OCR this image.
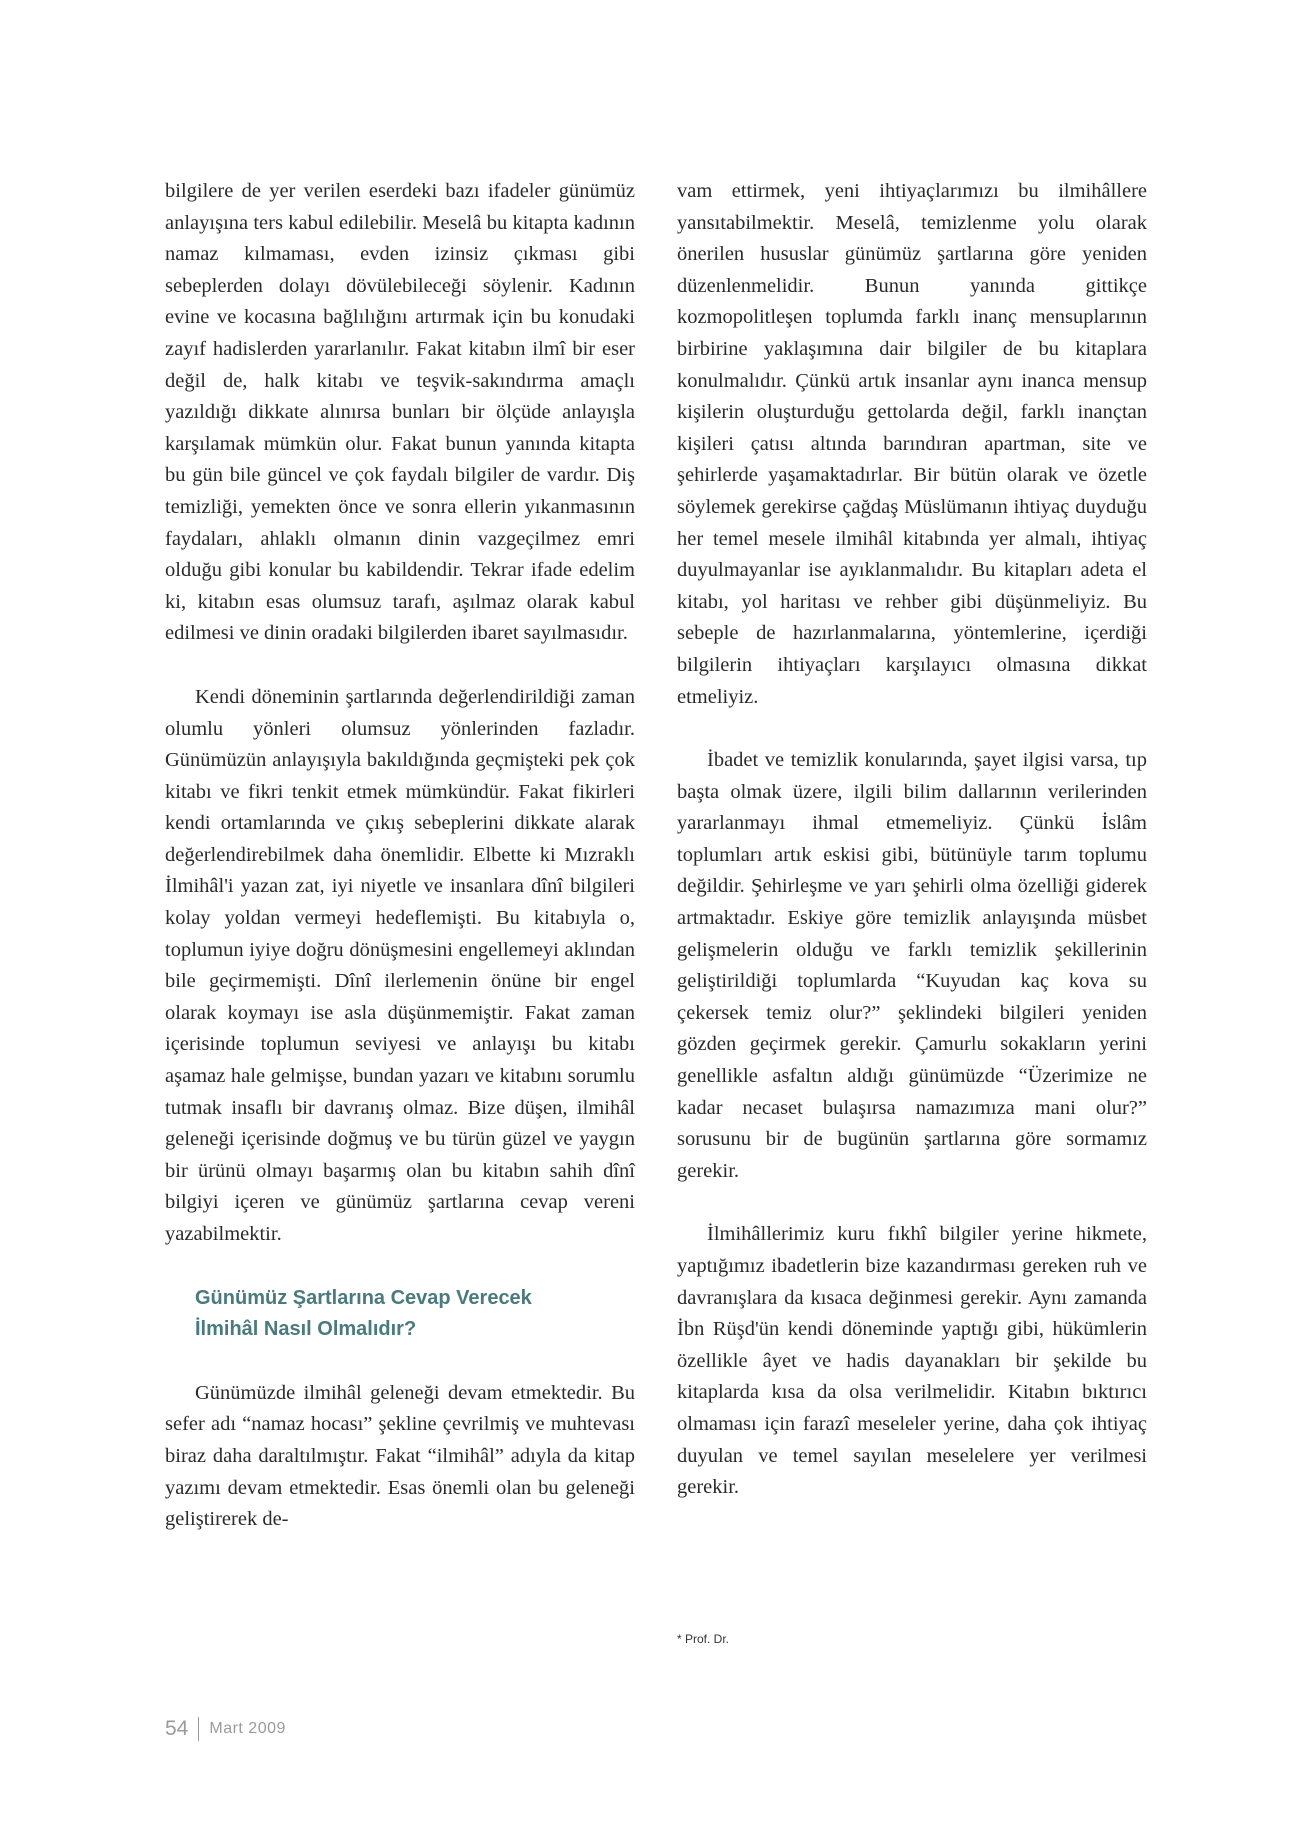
bilgilere de yer verilen eserdeki bazı ifadeler günümüz anlayışına ters kabul edilebilir. Meselâ bu kitapta kadının namaz kılmaması, evden izinsiz çıkması gibi sebeplerden dolayı dövülebileceği söylenir. Kadının evine ve kocasına bağlılığını artırmak için bu konudaki zayıf hadislerden yararlanılır. Fakat kitabın ilmî bir eser değil de, halk kitabı ve teşvik-sakındırma amaçlı yazıldığı dikkate alınırsa bunları bir ölçüde anlayışla karşılamak mümkün olur. Fakat bunun yanında kitapta bu gün bile güncel ve çok faydalı bilgiler de vardır. Diş temizliği, yemekten önce ve sonra ellerin yıkanmasının faydaları, ahlaklı olmanın dinin vazgeçilmez emri olduğu gibi konular bu kabildendir. Tekrar ifade edelim ki, kitabın esas olumsuz tarafı, aşılmaz olarak kabul edilmesi ve dinin oradaki bilgilerden ibaret sayılmasıdır.

Kendi döneminin şartlarında değerlendirildiği zaman olumlu yönleri olumsuz yönlerinden fazladır. Günümüzün anlayışıyla bakıldığında geçmişteki pek çok kitabı ve fikri tenkit etmek mümkündür. Fakat fikirleri kendi ortamlarında ve çıkış sebeplerini dikkate alarak değerlendirebilmek daha önemlidir. Elbette ki Mızraklı İlmihâl'i yazan zat, iyi niyetle ve insanlara dînî bilgileri kolay yoldan vermeyi hedeflemişti. Bu kitabıyla o, toplumun iyiye doğru dönüşmesini engellemeyi aklından bile geçirmemişti. Dînî ilerlemenin önüne bir engel olarak koymayı ise asla düşünmemiştir. Fakat zaman içerisinde toplumun seviyesi ve anlayışı bu kitabı aşamaz hale gelmişse, bundan yazarı ve kitabını sorumlu tutmak insaflı bir davranış olmaz. Bize düşen, ilmihâl geleneği içerisinde doğmuş ve bu türün güzel ve yaygın bir ürünü olmayı başarmış olan bu kitabın sahih dînî bilgiyi içeren ve günümüz şartlarına cevap vereni yazabilmektir.

Günümüz Şartlarına Cevap Verecek

İlmihâl Nasıl Olmalıdır?

Günümüzde ilmihâl geleneği devam etmektedir. Bu sefer adı “namaz hocası” şekline çevrilmiş ve muhtevası biraz daha daraltılmıştır. Fakat “ilmihâl” adıyla da kitap yazımı devam etmektedir. Esas önemli olan bu geleneği geliştirerek de-

vam ettirmek, yeni ihtiyaçlarımızı bu ilmihâllere yansıtabilmektir. Meselâ, temizlenme yolu olarak önerilen hususlar günümüz şartlarına göre yeniden düzenlenmelidir. Bunun yanında gittikçe kozmopolitleşen toplumda farklı inanç mensuplarının birbirine yaklaşımına dair bilgiler de bu kitaplara konulmalıdır. Çünkü artık insanlar aynı inanca mensup kişilerin oluşturduğu gettolarda değil, farklı inançtan kişileri çatısı altında barındıran apartman, site ve şehirlerde yaşamaktadırlar. Bir bütün olarak ve özetle söylemek gerekirse çağdaş Müslümanın ihtiyaç duyduğu her temel mesele ilmihâl kitabında yer almalı, ihtiyaç duyulmayanlar ise ayıklanmalıdır. Bu kitapları adeta el kitabı, yol haritası ve rehber gibi düşünmeliyiz. Bu sebeple de hazırlanmalarına, yöntemlerine, içerdiği bilgilerin ihtiyaçları karşılayıcı olmasına dikkat etmeliyiz.

İbadet ve temizlik konularında, şayet ilgisi varsa, tıp başta olmak üzere, ilgili bilim dallarının verilerinden yararlanmayı ihmal etmemeliyiz. Çünkü İslâm toplumları artık eskisi gibi, bütünüyle tarım toplumu değildir. Şehirleşme ve yarı şehirli olma özelliği giderek artmaktadır. Eskiye göre temizlik anlayışında müsbet gelişmelerin olduğu ve farklı temizlik şekillerinin geliştirildiği toplumlarda “Kuyudan kaç kova su çekersek temiz olur?” şeklindeki bilgileri yeniden gözden geçirmek gerekir. Çamurlu sokakların yerini genellikle asfaltın aldığı günümüzde “Üzerimize ne kadar necaset bulaşırsa namazımıza mani olur?” sorusunu bir de bugünün şartlarına göre sormamız gerekir.

İlmihâllerimiz kuru fıkhî bilgiler yerine hikmete, yaptığımız ibadetlerin bize kazandırması gereken ruh ve davranışlara da kısaca değinmesi gerekir. Aynı zamanda İbn Rüşd'ün kendi döneminde yaptığı gibi, hükümlerin özellikle âyet ve hadis dayanakları bir şekilde bu kitaplarda kısa da olsa verilmelidir. Kitabın bıktırıcı olmaması için farazî meseleler yerine, daha çok ihtiyaç duyulan ve temel sayılan meselelere yer verilmesi gerekir.

* Prof. Dr.
54 Mart 2009
